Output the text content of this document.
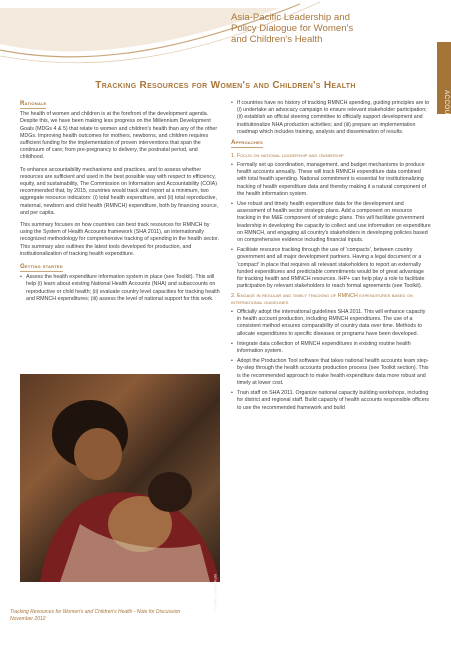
Asia-Pacific Leadership and
Policy Dialogue for Women's
and Children's Health
ACCOUNTABILITY
Tracking Resources for Women's and Children's Health
Rationale

The health of women and children is at the forefront of the development agenda. Despite this, we have been making less progress on the Millennium Development Goals (MDGs 4 & 5) that relate to women and children's health than any of the other MDGs. Improving health outcomes for mothers, newborns, and children requires sufficient funding for the implementation of proven interventions that span the continuum of care; from pre-pregnancy to delivery, the postnatal period, and childhood.

To enhance accountability mechanisms and practices, and to assess whether resources are sufficient and used in the best possible way with respect to efficiency, equity, and sustainability, The Commission on Information and Accountability (COIA) recommended that, by 2015, countries would track and report at a minimum, two aggregate resource indicators: (i) total health expenditure, and (ii) total reproductive, maternal, newborn and child health (RMNCH) expenditure, both by financing source, and per capita.

This summary focuses on how countries can best track resources for RMNCH by using the System of Health Accounts framework (SHA 2011), an internationally recognized methodology for comprehensive tracking of spending in the health sector. This summary also outlines the latest tools developed for production, and institutionalization of tracking health expenditure.

Getting started
• Assess the health expenditure information system in place (see Toolkit). This will help (i) learn about existing National Health Accounts (NHA) and subaccounts on reproductive or child health; (ii) evaluate country level capacities for tracking health and RMNCH expenditures; (iii) assess the level of national support for this work.
© WHO / Annie Kahl
• If countries have no history of tracking RMNCH spending, guiding principles are to (i) undertake an advocacy campaign to ensure relevant stakeholder participation; (ii) establish an official steering committee to officially support development and institutionalize NHA production activities; and (iii) prepare an implementation roadmap which includes training, analysis and dissemination of results.
Approaches
1. Focus on national leadership and ownership
• Formally set up coordination, management, and budget mechanisms to produce health accounts annually. These will track RMNCH expenditure data combined with total health spending. National commitment is essential for institutionalizing tracking of health expenditure data and thereby making it a natural component of the health information system.
• Use robust and timely health expenditure data for the development and assessment of health sector strategic plans. Add a component on resource tracking in the M&E component of strategic plans. This will facilitate government leadership in developing the capacity to collect and use information on expenditure on RMNCH, and engaging all country's stakeholders in developing policies based on comprehensive evidence including financial inputs.
• Facilitate resource tracking through the use of 'compacts', between country government and all major development partners. Having a legal document or a 'compact' in place that requires all relevant stakeholders to report an externally funded expenditures and predictable commitments would be of great advantage for tracking health and RMNCH resources. IHP+ can help play a role to facilitate participation by relevant stakeholders to reach formal agreements (see Toolkit).
2. Engage in regular and timely tracking of RMNCH expenditures based on international guidelines
• Officially adopt the international guidelines SHA 2011. This will enhance capacity in health account production, including RMNCH expenditures. The use of a consistent method ensures comparability of country data over time. Methods to allocate expenditures to specific diseases or programs have been developed.
• Integrate data collection of RMNCH expenditures in existing routine health information system.
• Adopt the Production Tool software that takes national health accounts team step-by-step through the health accounts production process (see Toolkit section). This is the recommended approach to make health expenditure data more robust and timely at lower cost.
• Train staff on SHA 2011. Organize national capacity building workshops, including for district and regional staff. Build capacity of health accounts responsible officers to use the recommended framework and build
Tracking Resources for Women's and Children's Health - Note for Discussion
November 2012
